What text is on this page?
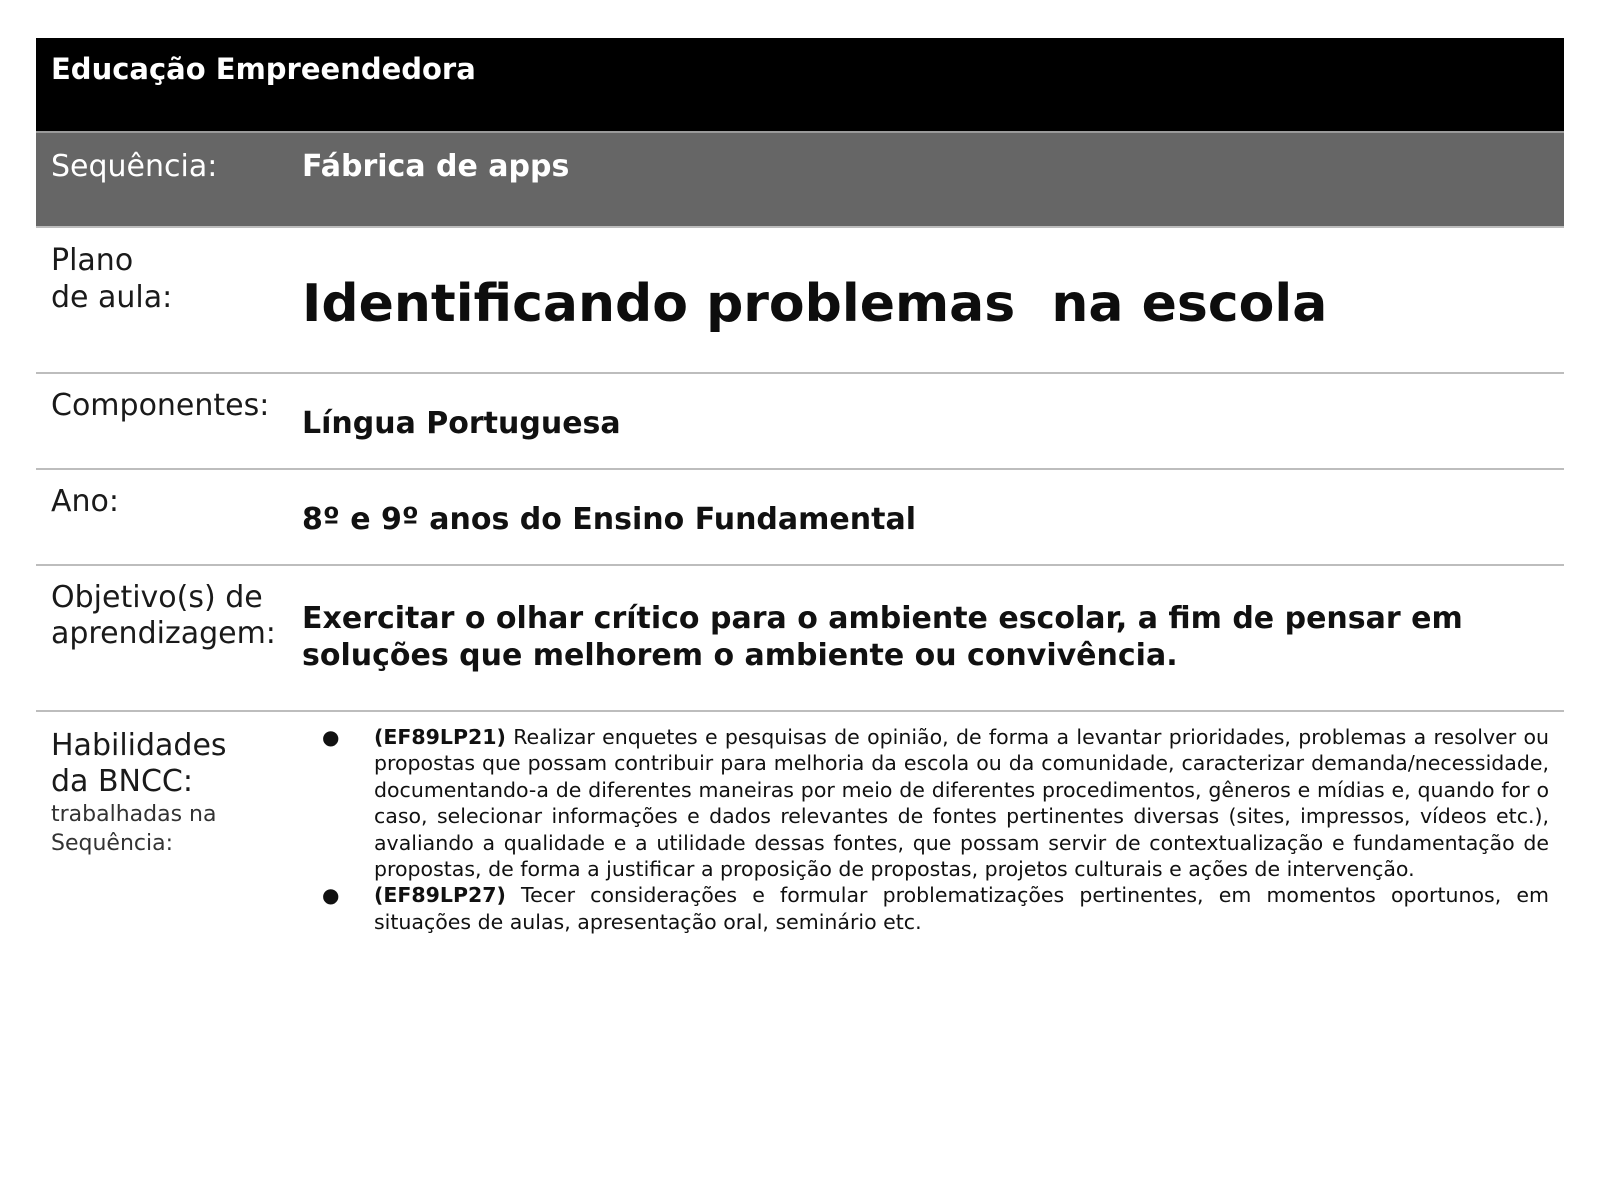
Educação Empreendedora
Sequência:	Fábrica de apps
Plano
de aula: Identificando problemas  na escola
Componentes:
Língua Portuguesa
Ano:
8º e 9º anos do Ensino Fundamental
Objetivo(s) de
aprendizagem: Exercitar o olhar crítico para o ambiente escolar, a fim de pensar em soluções que melhorem o ambiente ou convivência.
Habilidades
da BNCC:
trabalhadas na
Sequência:
● (EF89LP21) Realizar enquetes e pesquisas de opinião, de forma a levantar prioridades, problemas a resolver ou propostas que possam contribuir para melhoria da escola ou da comunidade, caracterizar demanda/necessidade, documentando-a de diferentes maneiras por meio de diferentes procedimentos, gêneros e mídias e, quando for o caso, selecionar informações e dados relevantes de fontes pertinentes diversas (sites, impressos, vídeos etc.), avaliando a qualidade e a utilidade dessas fontes, que possam servir de contextualização e fundamentação de propostas, de forma a justificar a proposição de propostas, projetos culturais e ações de intervenção.
● (EF89LP27) Tecer considerações e formular problematizações pertinentes, em momentos oportunos, em situações de aulas, apresentação oral, seminário etc.
